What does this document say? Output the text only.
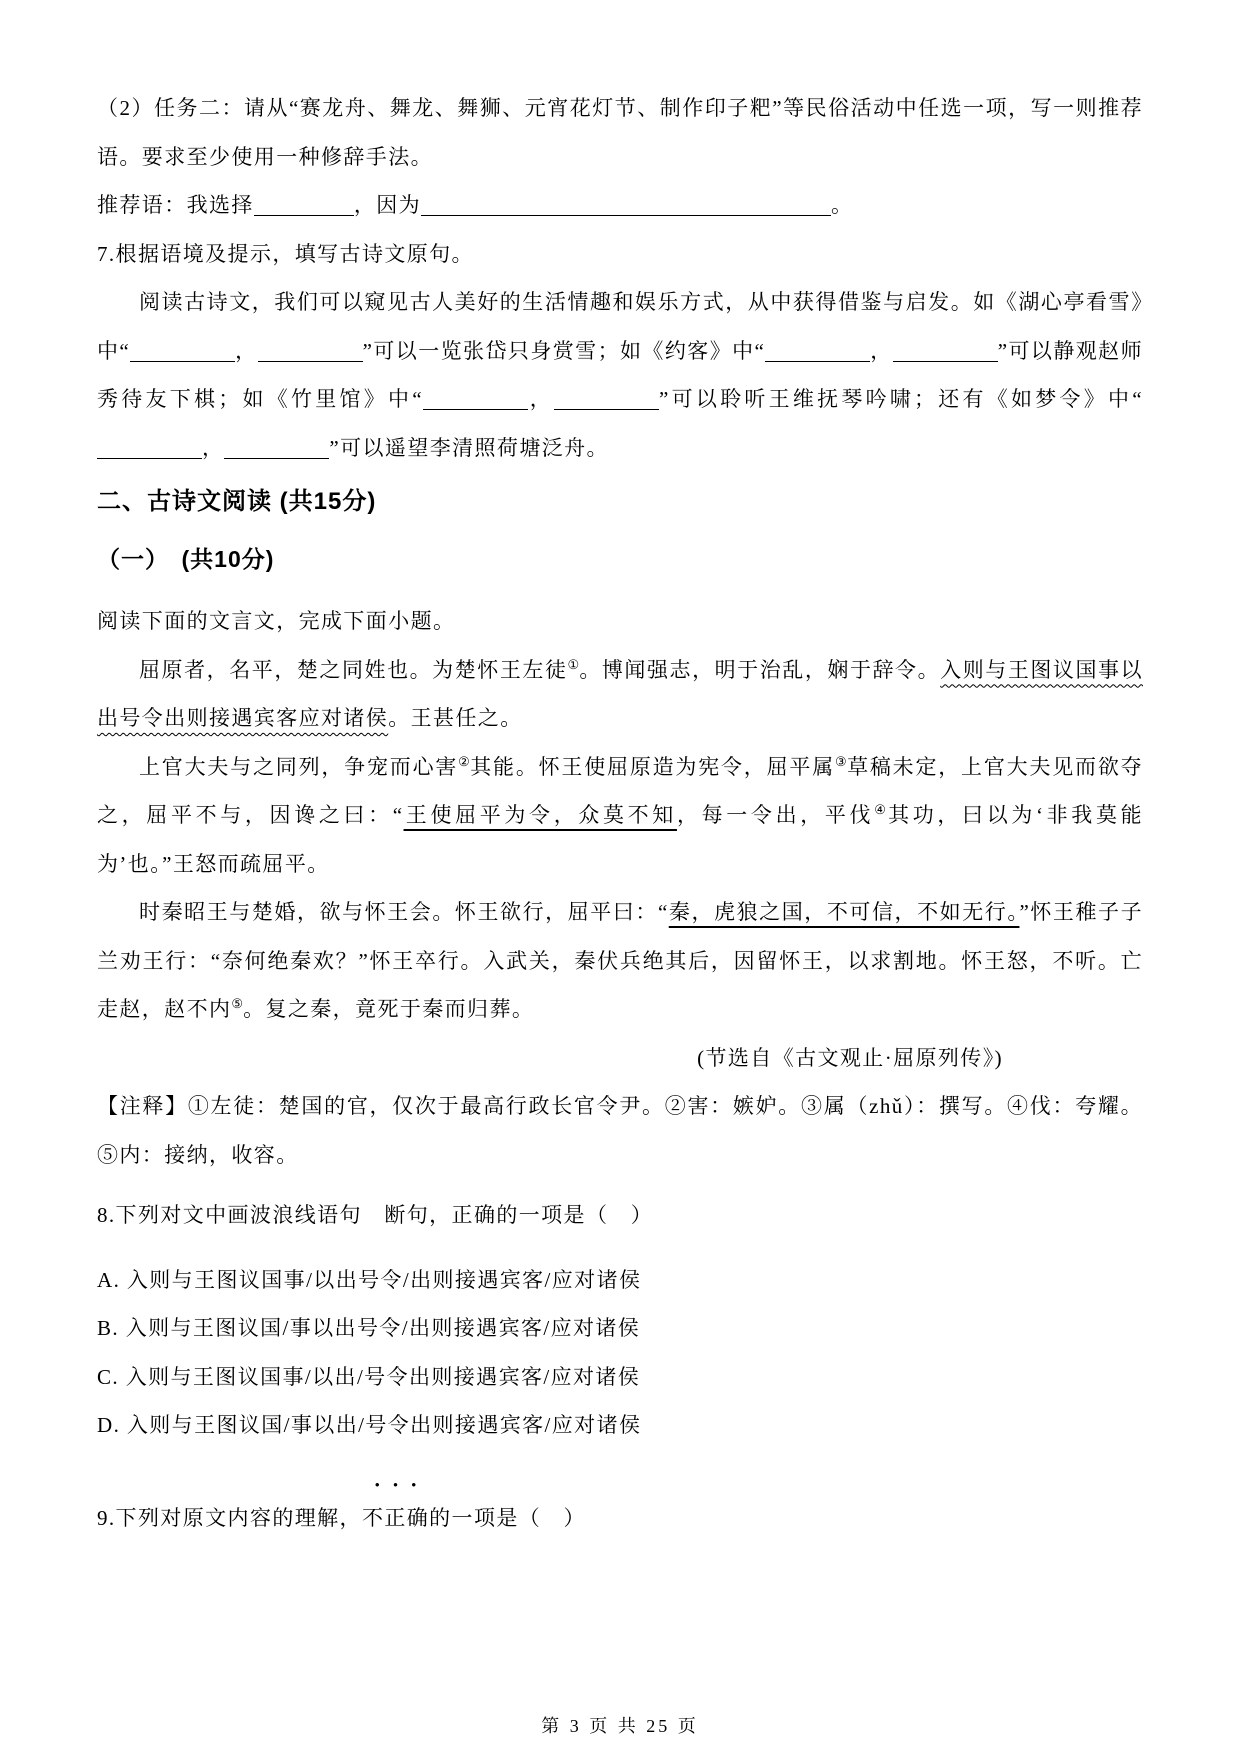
（2）任务二：请从“赛龙舟、舞龙、舞狮、元宵花灯节、制作印子粑”等民俗活动中任选一项，写一则推荐语。要求至少使用一种修辞手法。

推荐语：我选择	，因为	。

7.根据语境及提示，填写古诗文原句。

阅读古诗文，我们可以窥见古人美好的生活情趣和娱乐方式，从中获得借鉴与启发。如《湖心亭看雪》中“	，	”可以一览张岱只身赏雪；如《约客》中“	，	”可以静观赵师秀待友下棋；如《竹里馆》中“	，	”可以聆听王维抚琴吟啸；还有《如梦令》中“，	”可以遥望李清照荷塘泛舟。

二、古诗文阅读 (共15分)

（一）　(共10分)

阅读下面的文言文，完成下面小题。

屈原者，名平，楚之同姓也。为楚怀王左徒①。博闻强志，明于治乱，娴于辞令。入则与王图议国事以出号令出则接遇宾客应对诸侯。王甚任之。

上官大夫与之同列，争宠而心害②其能。怀王使屈原造为宪令，屈平属③草稿未定，上官大夫见而欲夺之，屈平不与，因谗之曰：“王使屈平为令，众莫不知，每一令出，平伐④其功，曰以为‘非我莫能为’也。”王怒而疏屈平。

时秦昭王与楚婚，欲与怀王会。怀王欲行，屈平曰：“秦，虎狼之国，不可信，不如无行。”怀王稚子子兰劝王行：“奈何绝秦欢？”怀王卒行。入武关，秦伏兵绝其后，因留怀王，以求割地。怀王怒，不听。亡走赵，赵不内⑤。复之秦，竟死于秦而归葬。

(节选自《古文观止·屈原列传》)

【注释】①左徒：楚国的官，仅次于最高行政长官令尹。②害：嫉妒。③属（zhǔ）：撰写。④伐：夸耀。⑤内：接纳，收容。

8.下列对文中画波浪线语句　断句，正确的一项是（　）

A. 入则与王图议国事/以出号令/出则接遇宾客/应对诸侯
B. 入则与王图议国/事以出号令/出则接遇宾客/应对诸侯
C. 入则与王图议国事/以出/号令出则接遇宾客/应对诸侯
D. 入则与王图议国/事以出/号令出则接遇宾客/应对诸侯

9.下列对原文内容的理解，
•••
不正确的一项是（　）

第 3 页 共 25 页
